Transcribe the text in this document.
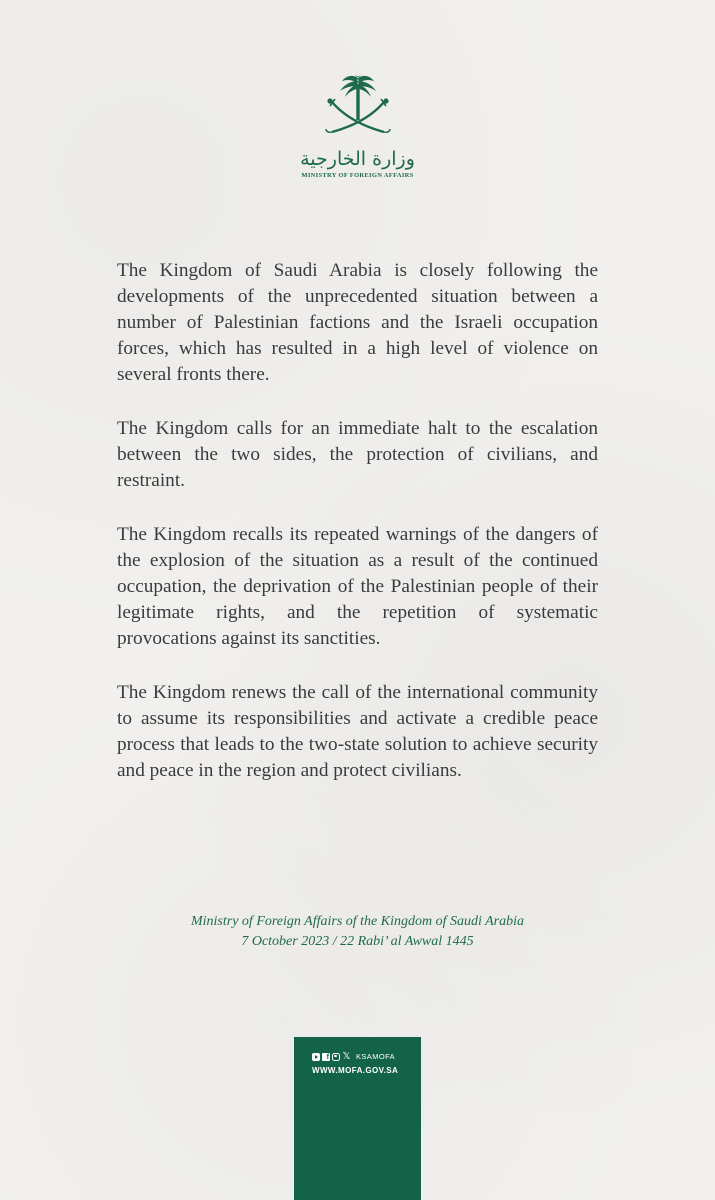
وزارة الخارجية
MINISTRY OF FOREIGN AFFAIRS

The Kingdom of Saudi Arabia is closely following the developments of the unprecedented situation between a number of Palestinian factions and the Israeli occupation forces, which has resulted in a high level of violence on several fronts there.

The Kingdom calls for an immediate halt to the escalation between the two sides, the protection of civilians, and restraint.

The Kingdom recalls its repeated warnings of the dangers of the explosion of the situation as a result of the continued occupation, the deprivation of the Palestinian people of their legitimate rights, and the repetition of systematic provocations against its sanctities.

The Kingdom renews the call of the international community to assume its responsibilities and activate a credible peace process that leads to the two-state solution to achieve security and peace in the region and protect civilians.

Ministry of Foreign Affairs of the Kingdom of Saudi Arabia
7 October 2023 / 22 Rabi’ al Awwal 1445
f 𝕏 KSAMOFA
WWW.MOFA.GOV.SA
